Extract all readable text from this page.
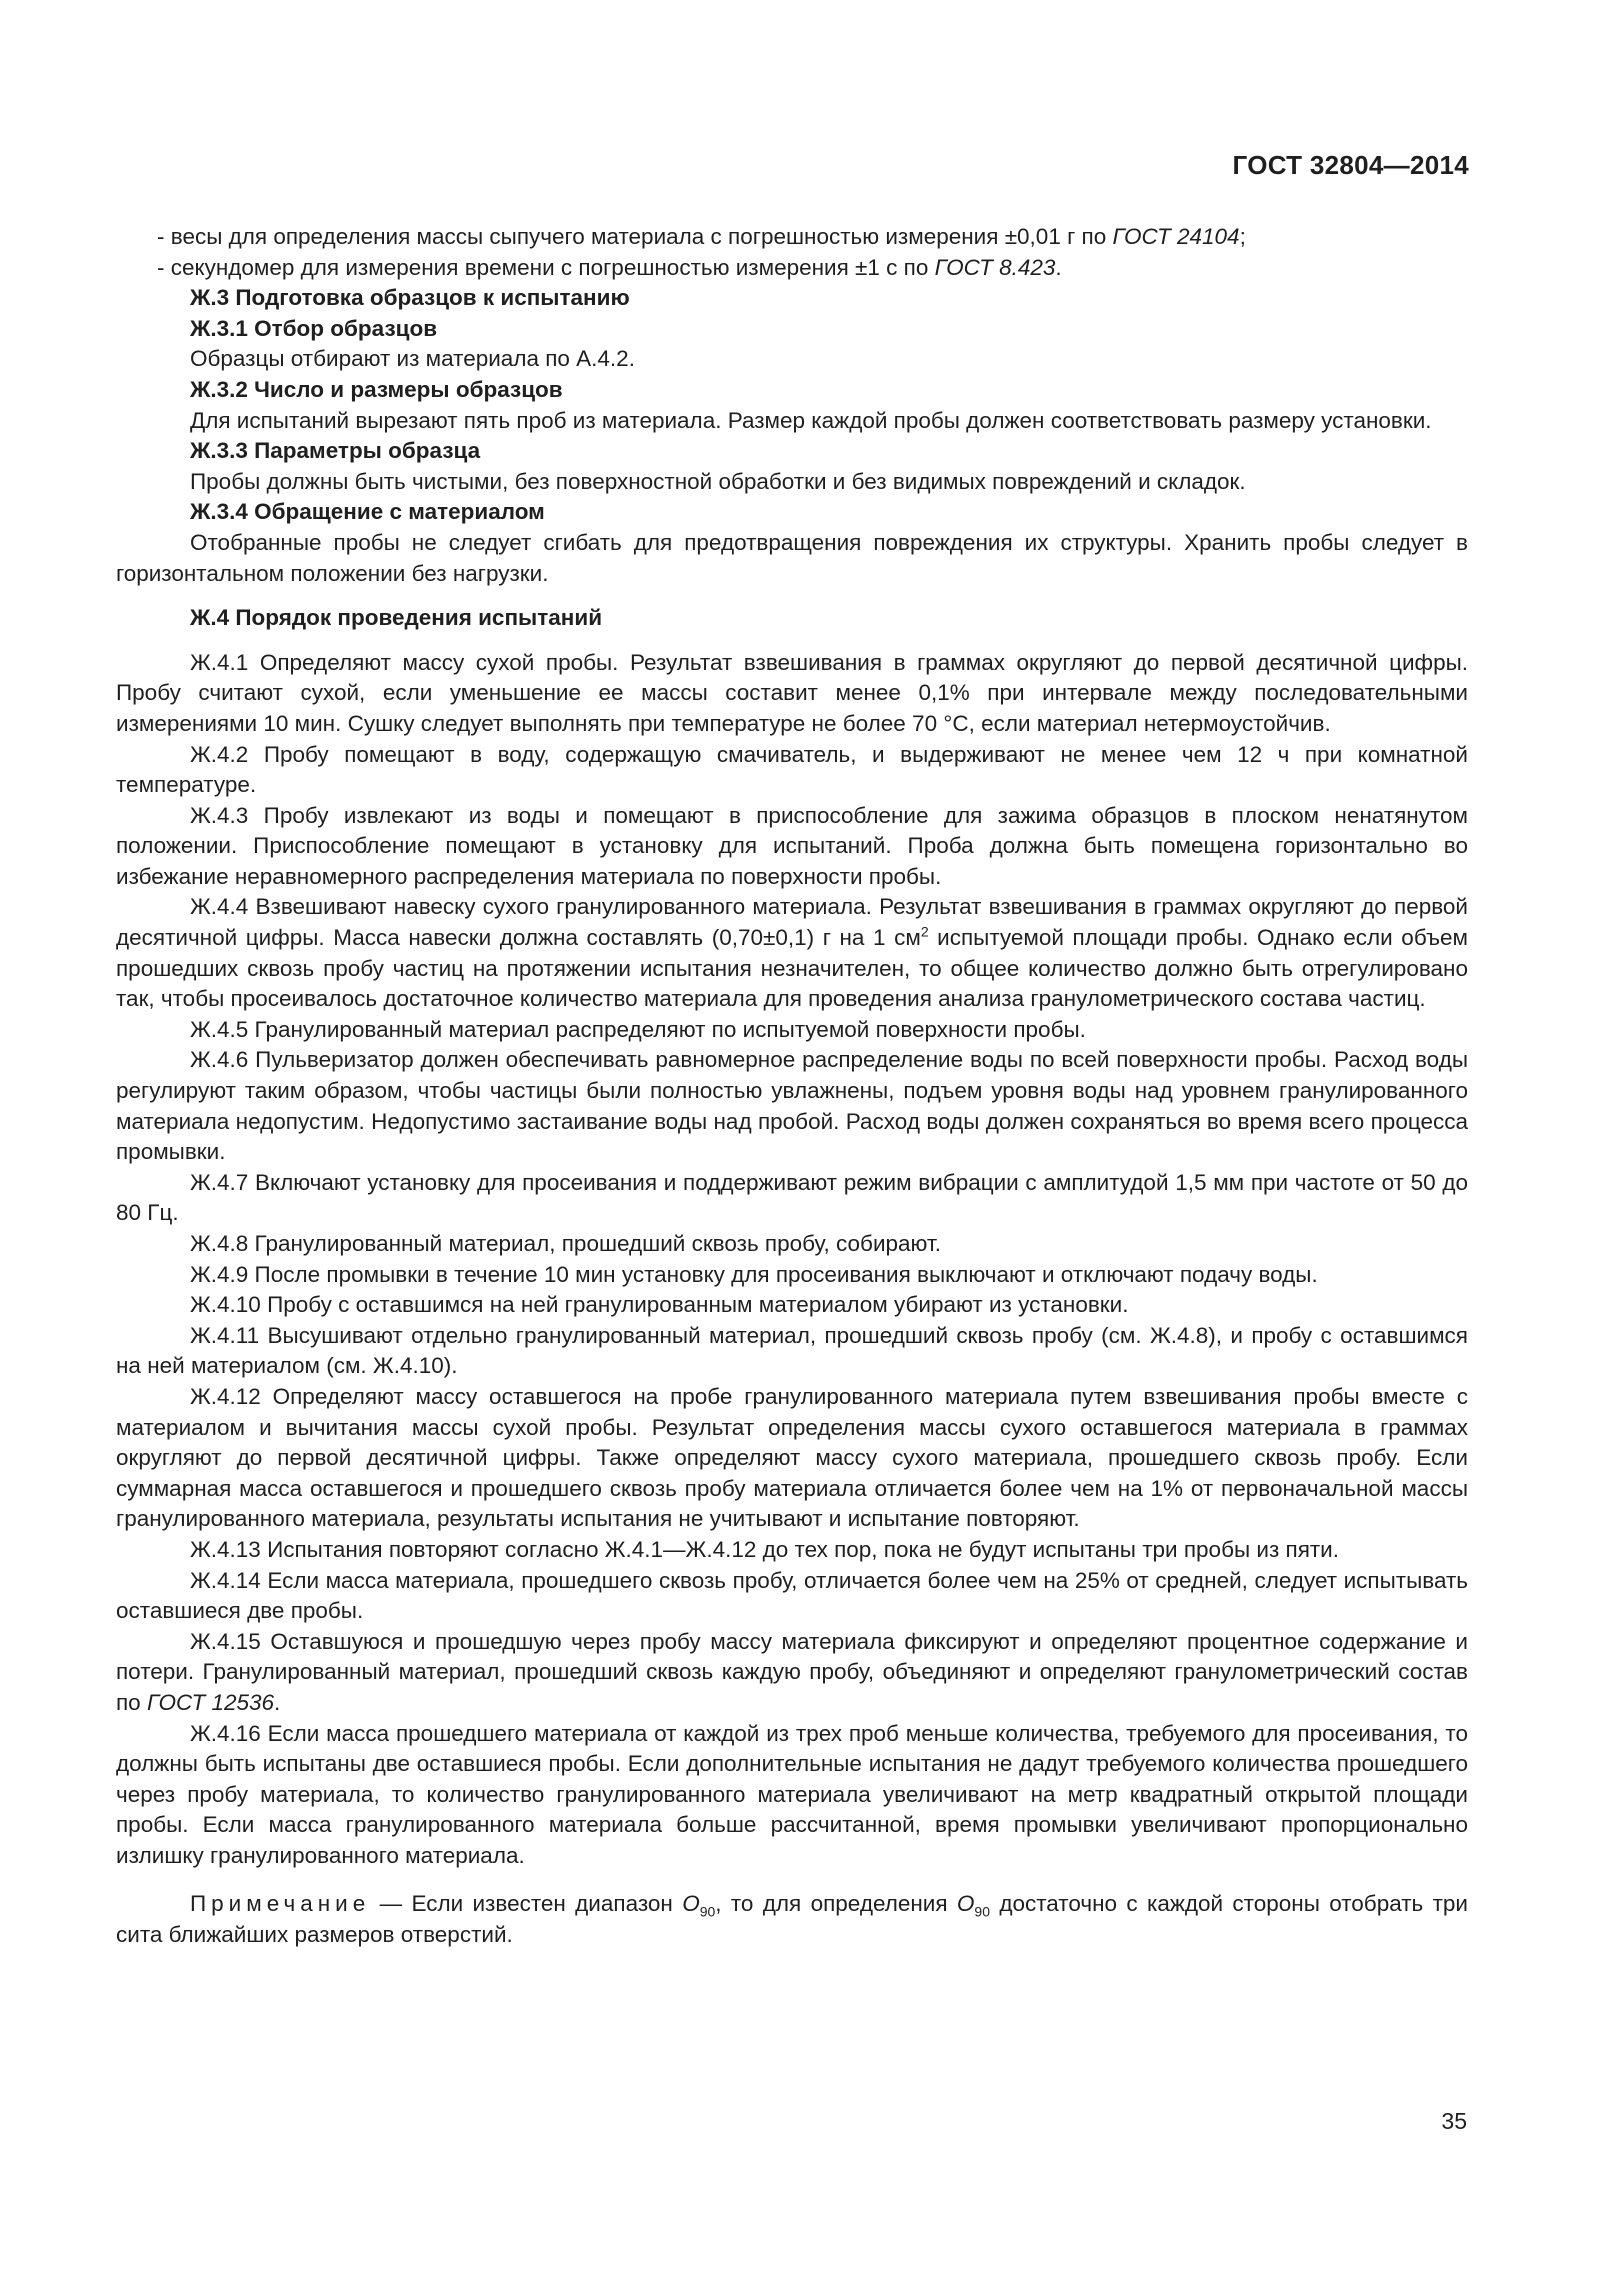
ГОСТ 32804—2014

- весы для определения массы сыпучего материала с погрешностью измерения ±0,01 г по ГОСТ 24104;

- секундомер для измерения времени с погрешностью измерения ±1 с по ГОСТ 8.423.

Ж.3 Подготовка образцов к испытанию

Ж.3.1 Отбор образцов

Образцы отбирают из материала по А.4.2.

Ж.3.2 Число и размеры образцов

Для испытаний вырезают пять проб из материала. Размер каждой пробы должен соответствовать размеру установки.

Ж.3.3 Параметры образца

Пробы должны быть чистыми, без поверхностной обработки и без видимых повреждений и складок.

Ж.3.4 Обращение с материалом

Отобранные пробы не следует сгибать для предотвращения повреждения их структуры. Хранить пробы следует в горизонтальном положении без нагрузки.

Ж.4 Порядок проведения испытаний

Ж.4.1 Определяют массу сухой пробы. Результат взвешивания в граммах округляют до первой десятичной цифры. Пробу считают сухой, если уменьшение ее массы составит менее 0,1% при интервале между последовательными измерениями 10 мин. Сушку следует выполнять при температуре не более 70 °С, если материал нетермоустойчив.

Ж.4.2 Пробу помещают в воду, содержащую смачиватель, и выдерживают не менее чем 12 ч при комнатной температуре.

Ж.4.3 Пробу извлекают из воды и помещают в приспособление для зажима образцов в плоском ненатянутом положении. Приспособление помещают в установку для испытаний. Проба должна быть помещена горизонтально во избежание неравномерного распределения материала по поверхности пробы.

Ж.4.4 Взвешивают навеску сухого гранулированного материала. Результат взвешивания в граммах округляют до первой десятичной цифры. Масса навески должна составлять (0,70±0,1) г на 1 $см^2$ испытуемой площади пробы. Однако если объем прошедших сквозь пробу частиц на протяжении испытания незначителен, то общее количество должно быть отрегулировано так, чтобы просеивалось достаточное количество материала для проведения анализа гранулометрического состава частиц.

Ж.4.5 Гранулированный материал распределяют по испытуемой поверхности пробы.

Ж.4.6 Пульверизатор должен обеспечивать равномерное распределение воды по всей поверхности пробы. Расход воды регулируют таким образом, чтобы частицы были полностью увлажнены, подъем уровня воды над уровнем гранулированного материала недопустим. Недопустимо застаивание воды над пробой. Расход воды должен сохраняться во время всего процесса промывки.

Ж.4.7 Включают установку для просеивания и поддерживают режим вибрации с амплитудой 1,5 мм при частоте от 50 до 80 Гц.

Ж.4.8 Гранулированный материал, прошедший сквозь пробу, собирают.

Ж.4.9 После промывки в течение 10 мин установку для просеивания выключают и отключают подачу воды.

Ж.4.10 Пробу с оставшимся на ней гранулированным материалом убирают из установки.

Ж.4.11 Высушивают отдельно гранулированный материал, прошедший сквозь пробу (см. Ж.4.8), и пробу с оставшимся на ней материалом (см. Ж.4.10).

Ж.4.12 Определяют массу оставшегося на пробе гранулированного материала путем взвешивания пробы вместе с материалом и вычитания массы сухой пробы. Результат определения массы сухого оставшегося материала в граммах округляют до первой десятичной цифры. Также определяют массу сухого материала, прошедшего сквозь пробу. Если суммарная масса оставшегося и прошедшего сквозь пробу материала отличается более чем на 1% от первоначальной массы гранулированного материала, результаты испытания не учитывают и испытание повторяют.

Ж.4.13 Испытания повторяют согласно Ж.4.1—Ж.4.12 до тех пор, пока не будут испытаны три пробы из пяти.

Ж.4.14 Если масса материала, прошедшего сквозь пробу, отличается более чем на 25% от средней, следует испытывать оставшиеся две пробы.

Ж.4.15 Оставшуюся и прошедшую через пробу массу материала фиксируют и определяют процентное содержание и потери. Гранулированный материал, прошедший сквозь каждую пробу, объединяют и определяют гранулометрический состав по ГОСТ 12536.

Ж.4.16 Если масса прошедшего материала от каждой из трех проб меньше количества, требуемого для просеивания, то должны быть испытаны две оставшиеся пробы. Если дополнительные испытания не дадут требуемого количества прошедшего через пробу материала, то количество гранулированного материала увеличивают на метр квадратный открытой площади пробы. Если масса гранулированного материала больше рассчитанной, время промывки увеличивают пропорционально излишку гранулированного материала.

Примечание — Если известен диапазон $O_{90}$, то для определения $O_{90}$ достаточно с каждой стороны отобрать три сита ближайших размеров отверстий.

35
